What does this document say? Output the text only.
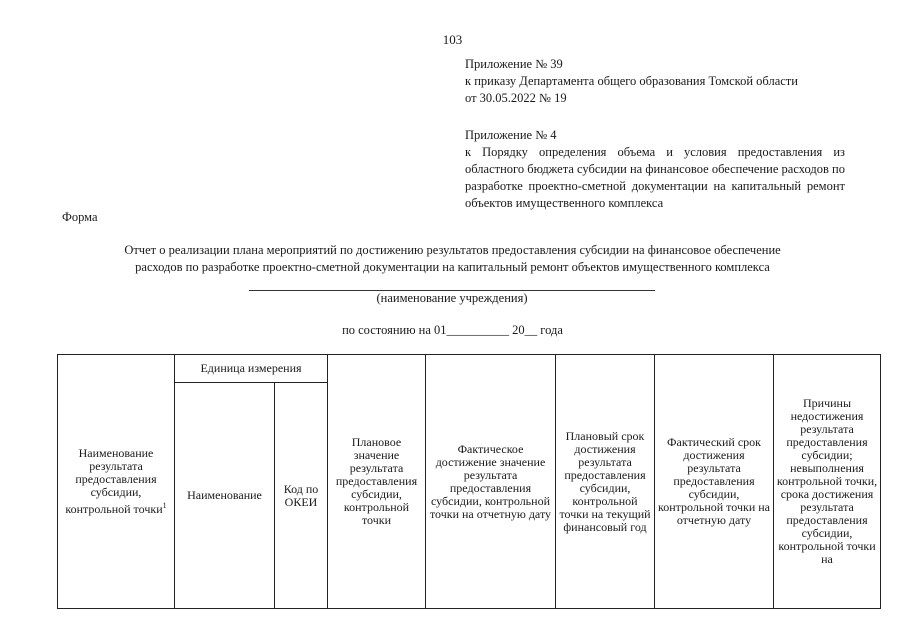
103
Приложение № 39
к приказу Департамента общего образования Томской области
от 30.05.2022 № 19
Приложение № 4
к Порядку определения объема и условия предоставления из областного бюджета субсидии на финансовое обеспечение расходов по разработке проектно-сметной документации на капитальный ремонт объектов имущественного комплекса
Форма
Отчет о реализации плана мероприятий по достижению результатов предоставления субсидии на финансовое обеспечение
расходов по разработке проектно-сметной документации на капитальный ремонт объектов имущественного комплекса
(наименование учреждения)
по состоянию на 01__________ 20__ года
Наименование результата предоставления субсидии, контрольной точки$^1$	Единица измерения		Плановое значение результата предоставления субсидии, контрольной точки	Фактическое достижение значение результата предоставления субсидии, контрольной точки на отчетную дату	Плановый срок достижения результата предоставления субсидии, контрольной точки на текущий финансовый год	Фактический срок достижения результата предоставления субсидии, контрольной точки на отчетную дату	Причины недостижения результата предоставления субсидии; невыполнения контрольной точки, срока достижения результата предоставления субсидии, контрольной точки на
	Наименование	Код по ОКЕИ					
